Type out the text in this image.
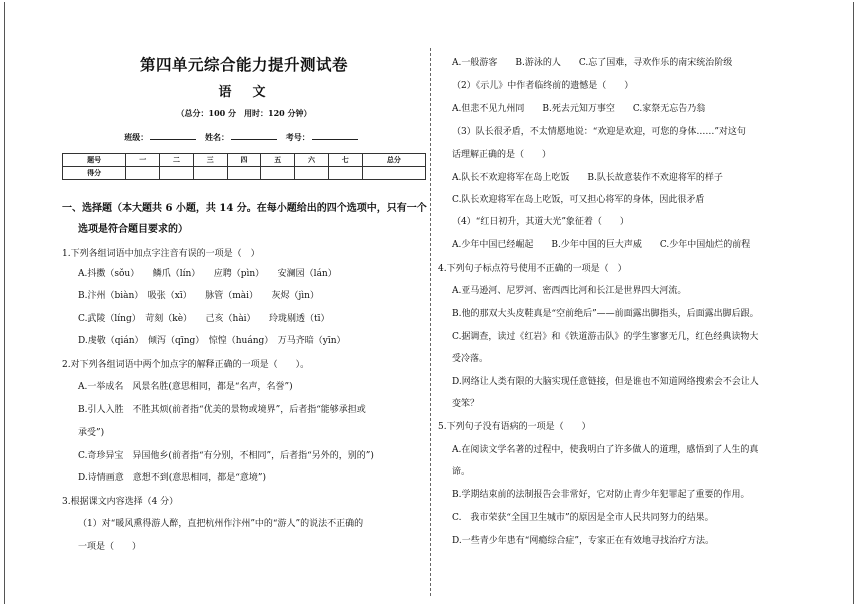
第四单元综合能力提升测试卷
语　文
（总分：100 分　用时：120 分钟）
班级：	姓名：	考号：
题号	一	二	三	四	五	六	七	总分
得分								
一、选择题（本大题共 6 小题，共 14 分。在每小题给出的四个选项中，只有一个
选项是符合题目要求的）
1.下列各组词语中加点字注音有误的一项是（　）
A.抖擞（sǒu）　　鳞爪（lín）　　应聘（pìn）　　安澜园（lán）
B.汴州（biàn）　吸张（xī）　　脉管（mài）　　灰烬（jìn）
C.武陵（líng）　苛刻（kè）　　己亥（hài）　　玲珑剔透（tī）
D.虔敬（qián）　倾泻（qīng）　惊惶（huáng）　万马齐暗（yīn）
2.对下列各组词语中两个加点字的解释正确的一项是（　　）。
A.一举成名　风景名胜(意思相同，都是“名声，名誉”)
B.引人入胜　不胜其烦(前者指“优美的景物或境界”，后者指“能够承担或
承受”)
C.奇珍异宝　异国他乡(前者指“有分别，不相同”，后者指“另外的，别的”)
D.诗情画意　意想不到(意思相同，都是“意境”)
3.根据课文内容选择（4 分）
（1）对“暖风熏得游人醉，直把杭州作汴州”中的“游人”的说法不正确的
一项是（　　）
A.一般游客　　B.游泳的人　　C.忘了国难，寻欢作乐的南宋统治阶级
（2）《示儿》中作者临终前的遗憾是（　　）
A.但悲不见九州同　　B.死去元知万事空　　C.家祭无忘告乃翁
（3）队长很矛盾，不太情愿地说：“欢迎是欢迎，可您的身体……”对这句
话理解正确的是（　　）
A.队长不欢迎将军在岛上吃饭　　B.队长故意装作不欢迎将军的样子
C.队长欢迎将军在岛上吃饭，可又担心将军的身体，因此很矛盾
（4）“红日初升，其道大光”象征着（　　）
A.少年中国已经崛起　　B.少年中国的巨大声威　　C.少年中国灿烂的前程
4.下列句子标点符号使用不正确的一项是（　）
A.亚马逊河、尼罗河、密西西比河和长江是世界四大河流。
B.他的那双大头皮鞋真是“空前绝后”——前面露出脚指头，后面露出脚后跟。
C.据调查，读过《红岩》和《铁道游击队》的学生寥寥无几，红色经典读物大
受冷落。
D.网络让人类有限的大脑实现任意链接，但是谁也不知道网络搜索会不会让人
变笨？
5.下列句子没有语病的一项是（　　）
A.在阅读文学名著的过程中，使我明白了许多做人的道理，感悟到了人生的真
谛。
B.学期结束前的法制报告会非常好，它对防止青少年犯罪起了重要的作用。
C.　我市荣获“全国卫生城市”的原因是全市人民共同努力的结果。
D.一些青少年患有“网瘾综合症”，专家正在有效地寻找治疗方法。
